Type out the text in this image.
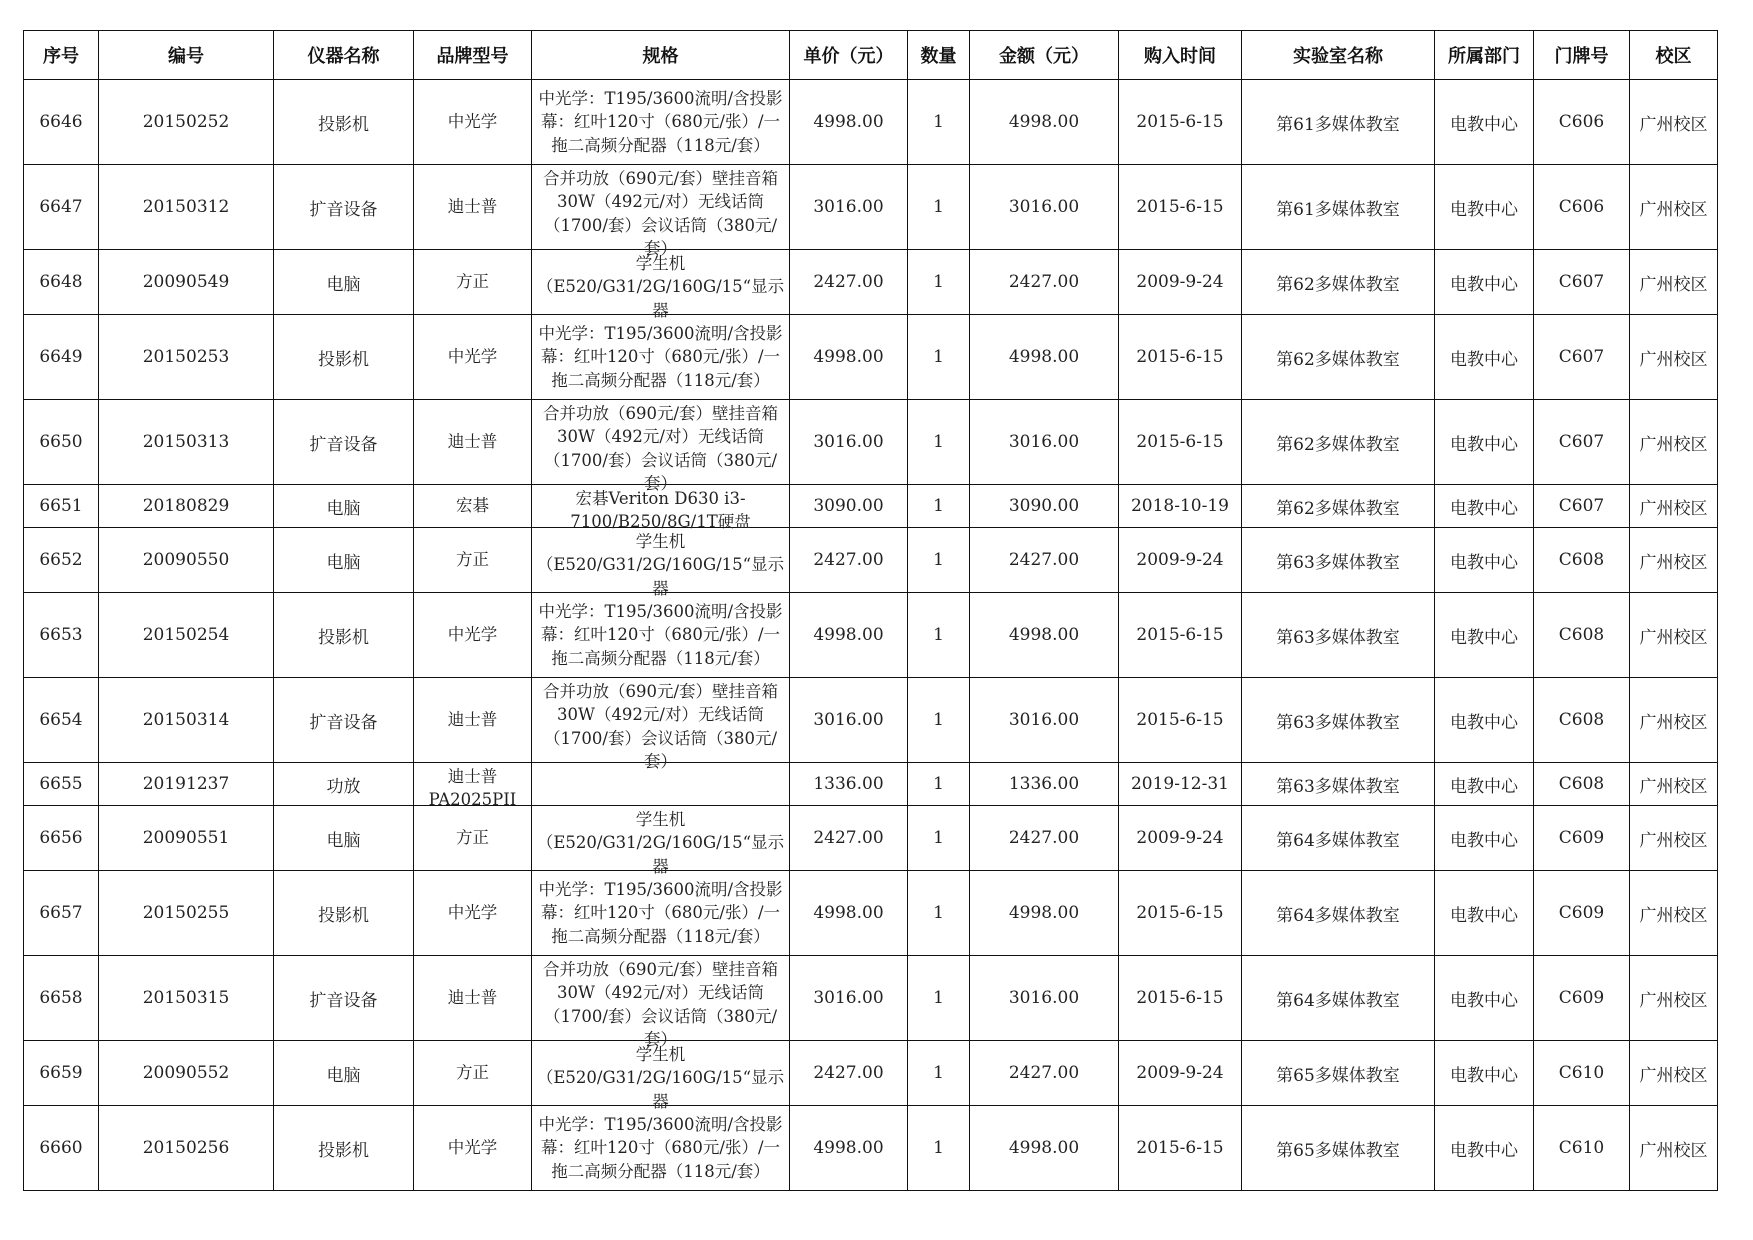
序号	编号	仪器名称	品牌型号	规格	单价（元）	数量	金额（元）	购入时间	实验室名称	所属部门	门牌号	校区
6646	20150252	投影机	中光学	中光学：T195/3600流明/含投影幕：红叶120寸（680元/张）/一拖二高频分配器（118元/套）	4998.00	1	4998.00	2015-6-15	第61多媒体教室	电教中心	C606	广州校区
6647	20150312	扩音设备	迪士普	合并功放（690元/套）壁挂音箱30W（492元/对）无线话筒（1700/套）会议话筒（380元/套）	3016.00	1	3016.00	2015-6-15	第61多媒体教室	电教中心	C606	广州校区
6648	20090549	电脑	方正	学生机（E520/G31/2G/160G/15“显示器	2427.00	1	2427.00	2009-9-24	第62多媒体教室	电教中心	C607	广州校区
6649	20150253	投影机	中光学	中光学：T195/3600流明/含投影幕：红叶120寸（680元/张）/一拖二高频分配器（118元/套）	4998.00	1	4998.00	2015-6-15	第62多媒体教室	电教中心	C607	广州校区
6650	20150313	扩音设备	迪士普	合并功放（690元/套）壁挂音箱30W（492元/对）无线话筒（1700/套）会议话筒（380元/套）	3016.00	1	3016.00	2015-6-15	第62多媒体教室	电教中心	C607	广州校区
6651	20180829	电脑	宏碁	宏碁Veriton D630 i3-7100/B250/8G/1T硬盘	3090.00	1	3090.00	2018-10-19	第62多媒体教室	电教中心	C607	广州校区
6652	20090550	电脑	方正	学生机（E520/G31/2G/160G/15“显示器	2427.00	1	2427.00	2009-9-24	第63多媒体教室	电教中心	C608	广州校区
6653	20150254	投影机	中光学	中光学：T195/3600流明/含投影幕：红叶120寸（680元/张）/一拖二高频分配器（118元/套）	4998.00	1	4998.00	2015-6-15	第63多媒体教室	电教中心	C608	广州校区
6654	20150314	扩音设备	迪士普	合并功放（690元/套）壁挂音箱30W（492元/对）无线话筒（1700/套）会议话筒（380元/套）	3016.00	1	3016.00	2015-6-15	第63多媒体教室	电教中心	C608	广州校区
6655	20191237	功放	迪士普PA2025PII		1336.00	1	1336.00	2019-12-31	第63多媒体教室	电教中心	C608	广州校区
6656	20090551	电脑	方正	学生机（E520/G31/2G/160G/15“显示器	2427.00	1	2427.00	2009-9-24	第64多媒体教室	电教中心	C609	广州校区
6657	20150255	投影机	中光学	中光学：T195/3600流明/含投影幕：红叶120寸（680元/张）/一拖二高频分配器（118元/套）	4998.00	1	4998.00	2015-6-15	第64多媒体教室	电教中心	C609	广州校区
6658	20150315	扩音设备	迪士普	合并功放（690元/套）壁挂音箱30W（492元/对）无线话筒（1700/套）会议话筒（380元/套）	3016.00	1	3016.00	2015-6-15	第64多媒体教室	电教中心	C609	广州校区
6659	20090552	电脑	方正	学生机（E520/G31/2G/160G/15“显示器	2427.00	1	2427.00	2009-9-24	第65多媒体教室	电教中心	C610	广州校区
6660	20150256	投影机	中光学	中光学：T195/3600流明/含投影幕：红叶120寸（680元/张）/一拖二高频分配器（118元/套）	4998.00	1	4998.00	2015-6-15	第65多媒体教室	电教中心	C610	广州校区
